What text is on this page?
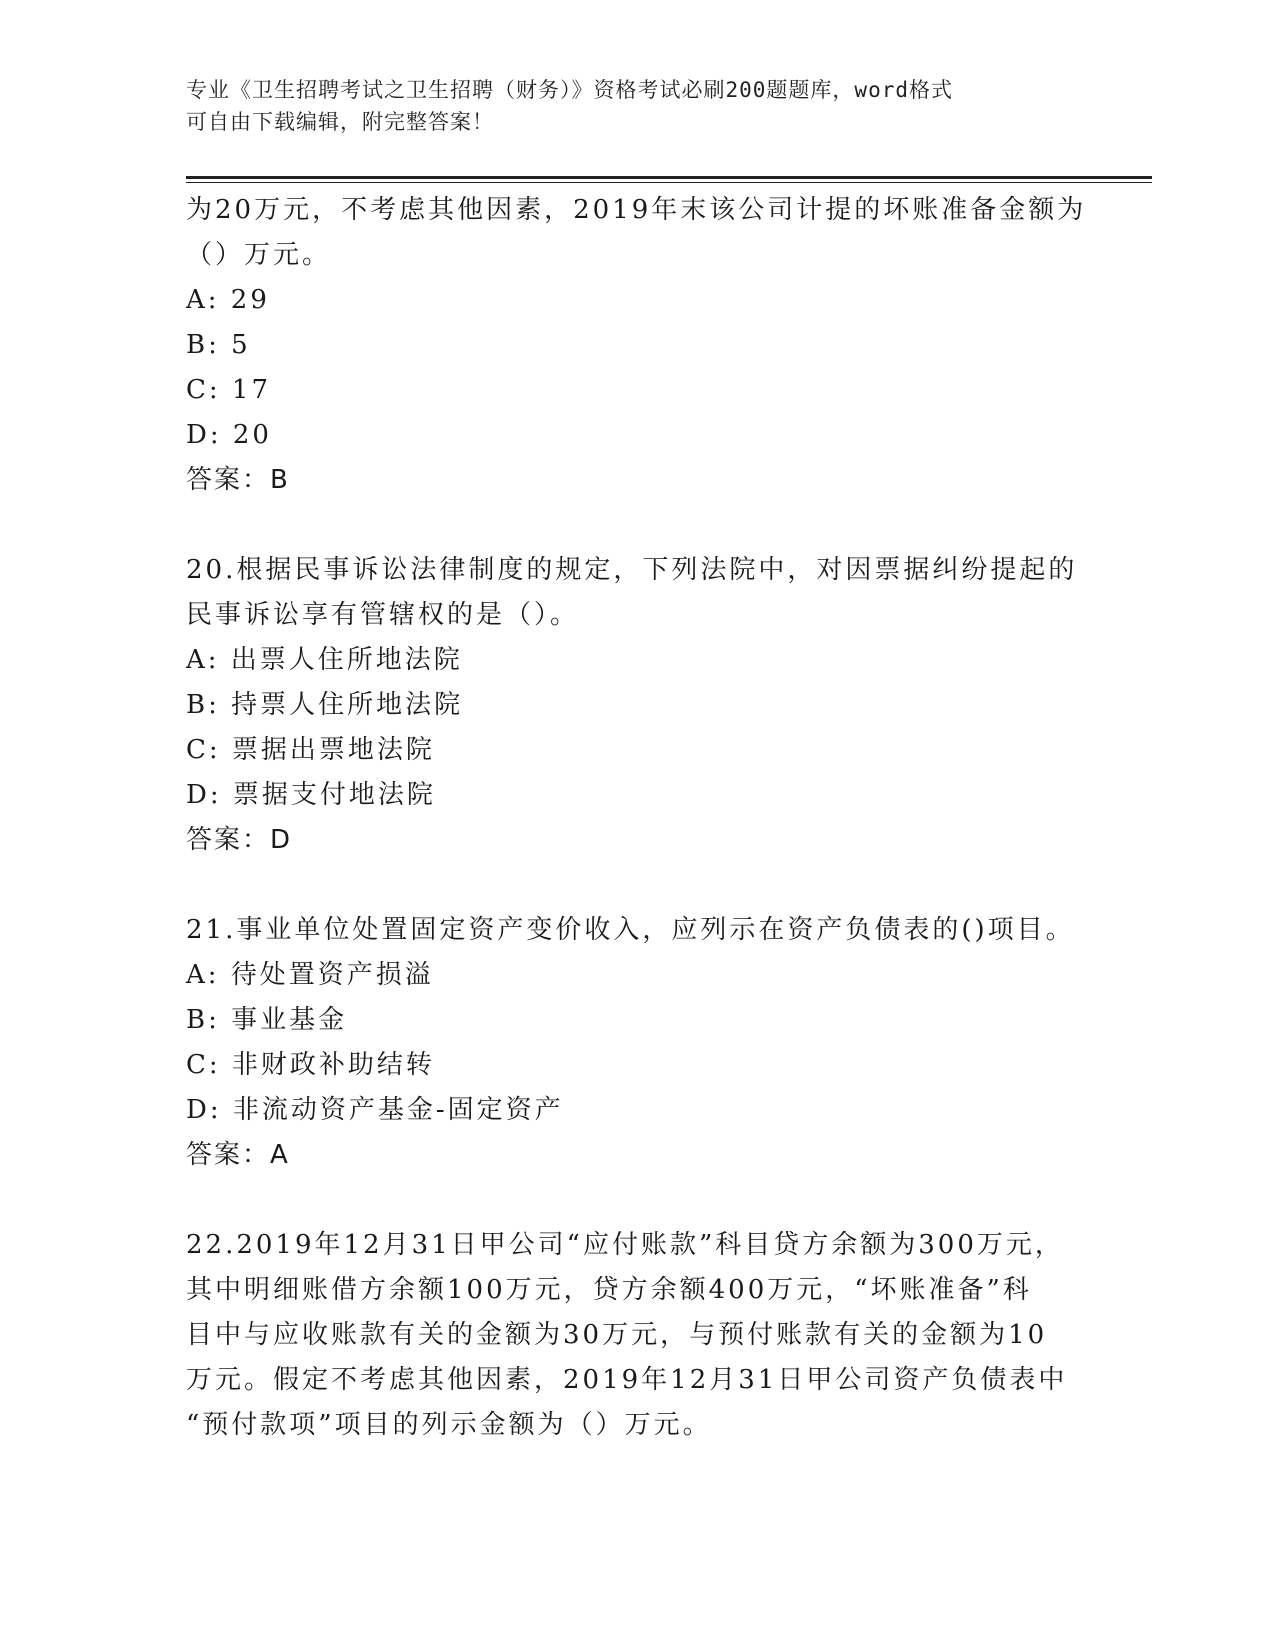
专业《卫生招聘考试之卫生招聘（财务）》资格考试必刷200题题库，word格式
可自由下载编辑，附完整答案！
为20万元，不考虑其他因素，2019年末该公司计提的坏账准备金额为
（）万元。
A: 29
B: 5
C: 17
D: 20
答案：B
20.根据民事诉讼法律制度的规定，下列法院中，对因票据纠纷提起的
民事诉讼享有管辖权的是（）。
A: 出票人住所地法院
B: 持票人住所地法院
C: 票据出票地法院
D: 票据支付地法院
答案：D
21.事业单位处置固定资产变价收入，应列示在资产负债表的()项目。
A: 待处置资产损溢
B: 事业基金
C: 非财政补助结转
D: 非流动资产基金-固定资产
答案：A
22.2019年12月31日甲公司“应付账款”科目贷方余额为300万元，
其中明细账借方余额100万元，贷方余额400万元，“坏账准备”科
目中与应收账款有关的金额为30万元，与预付账款有关的金额为10
万元。假定不考虑其他因素，2019年12月31日甲公司资产负债表中
“预付款项”项目的列示金额为（）万元。
